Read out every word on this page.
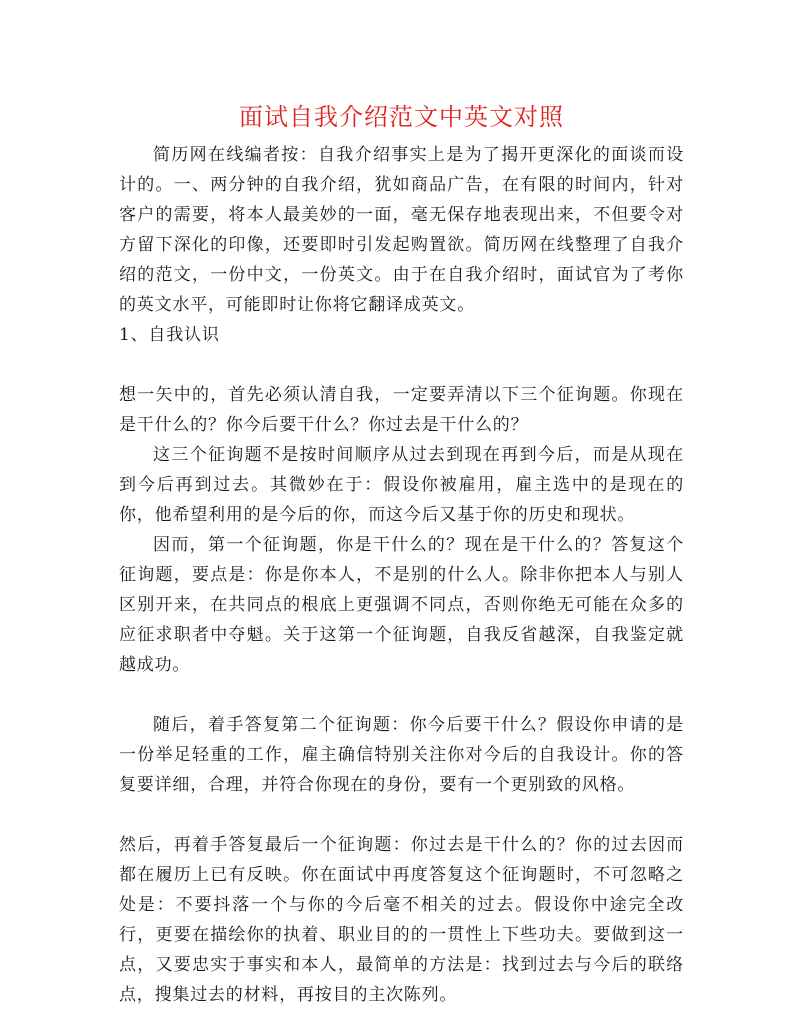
面试自我介绍范文中英文对照

简历网在线编者按：自我介绍事实上是为了揭开更深化的面谈而设计的。一、两分钟的自我介绍，犹如商品广告，在有限的时间内，针对客户的需要，将本人最美妙的一面，毫无保存地表现出来，不但要令对方留下深化的印像，还要即时引发起购置欲。简历网在线整理了自我介绍的范文，一份中文，一份英文。由于在自我介绍时，面试官为了考你的英文水平，可能即时让你将它翻译成英文。

1、自我认识

想一矢中的，首先必须认清自我，一定要弄清以下三个征询题。你现在是干什么的？你今后要干什么？你过去是干什么的？

这三个征询题不是按时间顺序从过去到现在再到今后，而是从现在到今后再到过去。其微妙在于：假设你被雇用，雇主选中的是现在的你，他希望利用的是今后的你，而这今后又基于你的历史和现状。

因而，第一个征询题，你是干什么的？现在是干什么的？答复这个征询题，要点是：你是你本人，不是别的什么人。除非你把本人与别人区别开来，在共同点的根底上更强调不同点，否则你绝无可能在众多的应征求职者中夺魁。关于这第一个征询题，自我反省越深，自我鉴定就越成功。

随后，着手答复第二个征询题：你今后要干什么？假设你申请的是一份举足轻重的工作，雇主确信特别关注你对今后的自我设计。你的答复要详细，合理，并符合你现在的身份，要有一个更别致的风格。

然后，再着手答复最后一个征询题：你过去是干什么的？你的过去因而都在履历上已有反映。你在面试中再度答复这个征询题时，不可忽略之处是：不要抖落一个与你的今后毫不相关的过去。假设你中途完全改行，更要在描绘你的执着、职业目的的一贯性上下些功夫。要做到这一点，又要忠实于事实和本人，最简单的方法是：找到过去与今后的联络点，搜集过去的材料，再按目的主次陈列。
